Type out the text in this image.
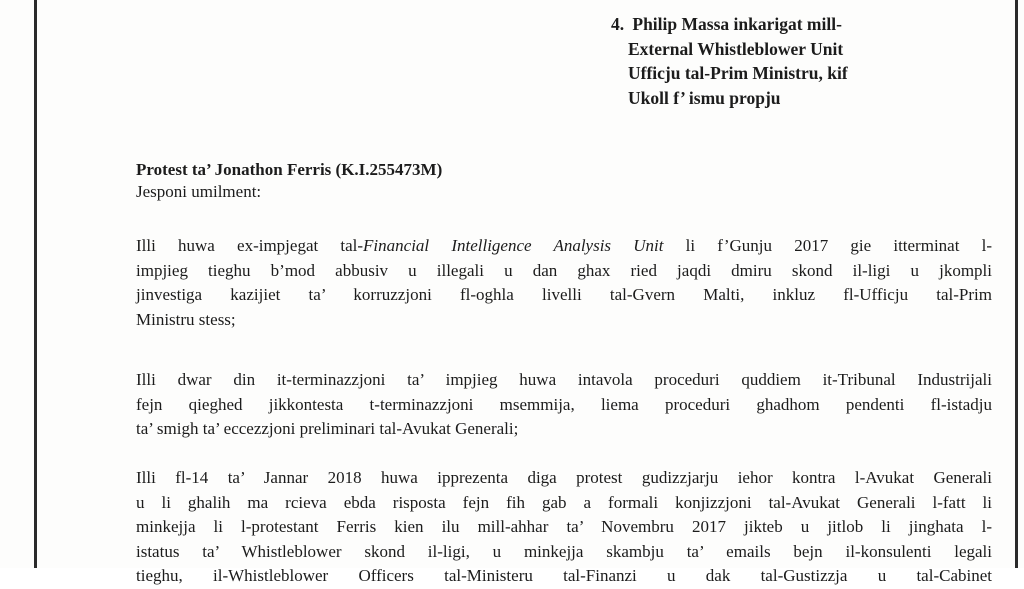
4. Philip Massa inkarigat mill-
External Whistleblower Unit
Ufficju tal-Prim Ministru, kif
Ukoll f’ ismu propju
Protest ta’ Jonathon Ferris (K.I.255473M)
Jesponi umilment:
Illi huwa ex-impjegat tal-Financial Intelligence Analysis Unit li f’Gunju 2017 gie itterminat l-
impjieg tieghu b’mod abbusiv u illegali u dan ghax ried jaqdi dmiru skond il-ligi u jkompli
jinvestiga kazijiet ta’ korruzzjoni fl-oghla livelli tal-Gvern Malti, inkluz fl-Ufficju tal-Prim
Ministru stess;
Illi dwar din it-terminazzjoni ta’ impjieg huwa intavola proceduri quddiem it-Tribunal Industrijali
fejn qieghed jikkontesta t-terminazzjoni msemmija, liema proceduri ghadhom pendenti fl-istadju
ta’ smigh ta’ eccezzjoni preliminari tal-Avukat Generali;
Illi fl-14 ta’ Jannar 2018 huwa ipprezenta diga protest gudizzjarju iehor kontra l-Avukat Generali
u li ghalih ma rcieva ebda risposta fejn fih gab a formali konjizzjoni tal-Avukat Generali l-fatt li
minkejja li l-protestant Ferris kien ilu mill-ahhar ta’ Novembru 2017 jikteb u jitlob li jinghata l-
istatus ta’ Whistleblower skond il-ligi, u minkejja skambju ta’ emails bejn il-konsulenti legali
tieghu, il-Whistleblower Officers tal-Ministeru tal-Finanzi u dak tal-Gustizzja u tal-Cabinet
